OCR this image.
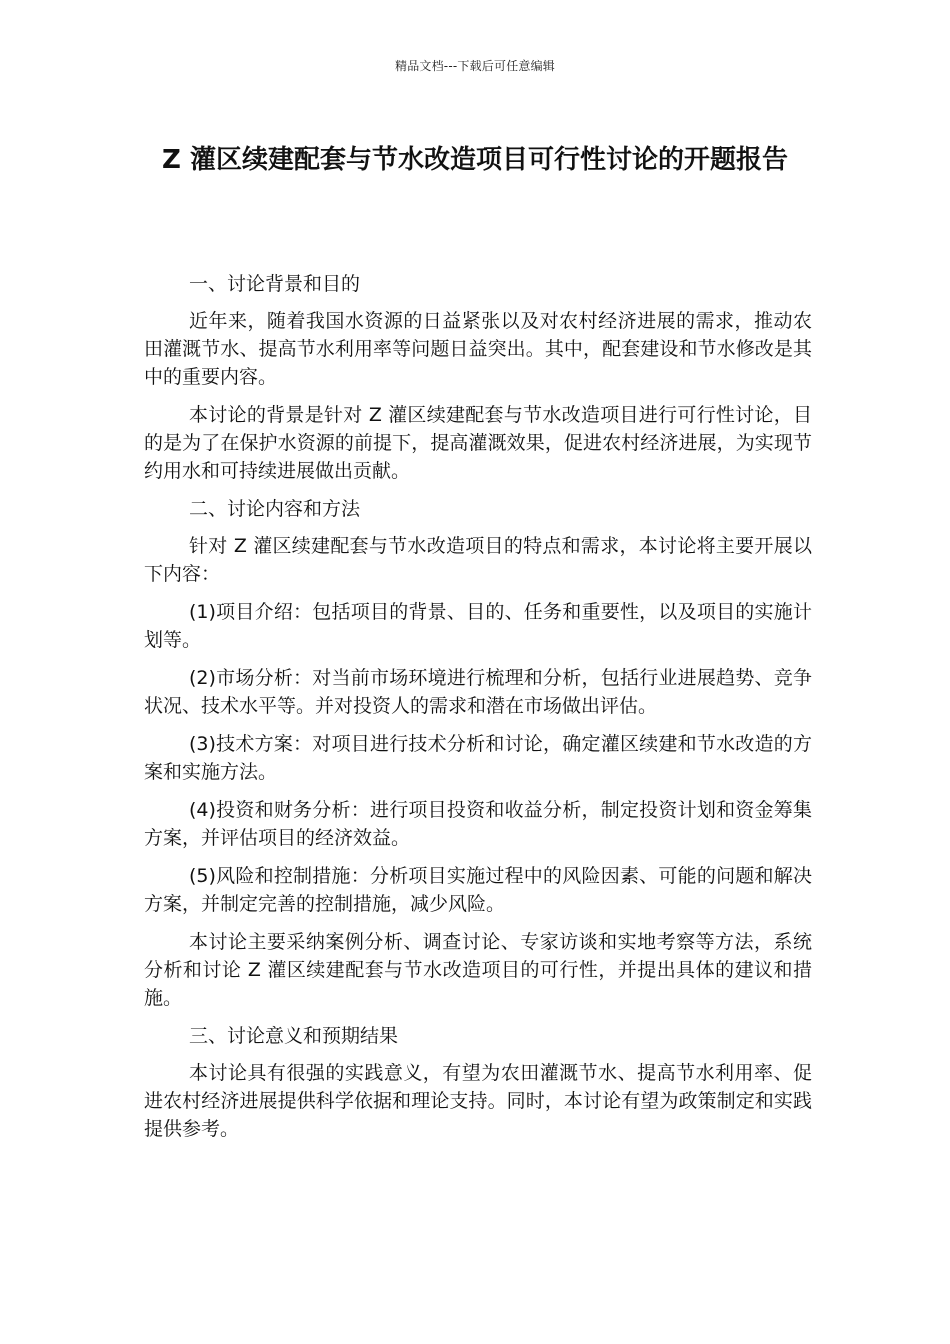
精品文档---下载后可任意编辑
Z 灌区续建配套与节水改造项目可行性讨论的开题报告

一、讨论背景和目的

近年来，随着我国水资源的日益紧张以及对农村经济进展的需求，推动农田灌溉节水、提高节水利用率等问题日益突出。其中，配套建设和节水修改是其中的重要内容。

本讨论的背景是针对 Z 灌区续建配套与节水改造项目进行可行性讨论，目的是为了在保护水资源的前提下，提高灌溉效果，促进农村经济进展，为实现节约用水和可持续进展做出贡献。

二、讨论内容和方法

针对 Z 灌区续建配套与节水改造项目的特点和需求，本讨论将主要开展以下内容：

(1)项目介绍：包括项目的背景、目的、任务和重要性，以及项目的实施计划等。

(2)市场分析：对当前市场环境进行梳理和分析，包括行业进展趋势、竞争状况、技术水平等。并对投资人的需求和潜在市场做出评估。

(3)技术方案：对项目进行技术分析和讨论，确定灌区续建和节水改造的方案和实施方法。

(4)投资和财务分析：进行项目投资和收益分析，制定投资计划和资金筹集方案，并评估项目的经济效益。

(5)风险和控制措施：分析项目实施过程中的风险因素、可能的问题和解决方案，并制定完善的控制措施，减少风险。

本讨论主要采纳案例分析、调查讨论、专家访谈和实地考察等方法，系统分析和讨论 Z 灌区续建配套与节水改造项目的可行性，并提出具体的建议和措施。

三、讨论意义和预期结果

本讨论具有很强的实践意义，有望为农田灌溉节水、提高节水利用率、促进农村经济进展提供科学依据和理论支持。同时，本讨论有望为政策制定和实践提供参考。
